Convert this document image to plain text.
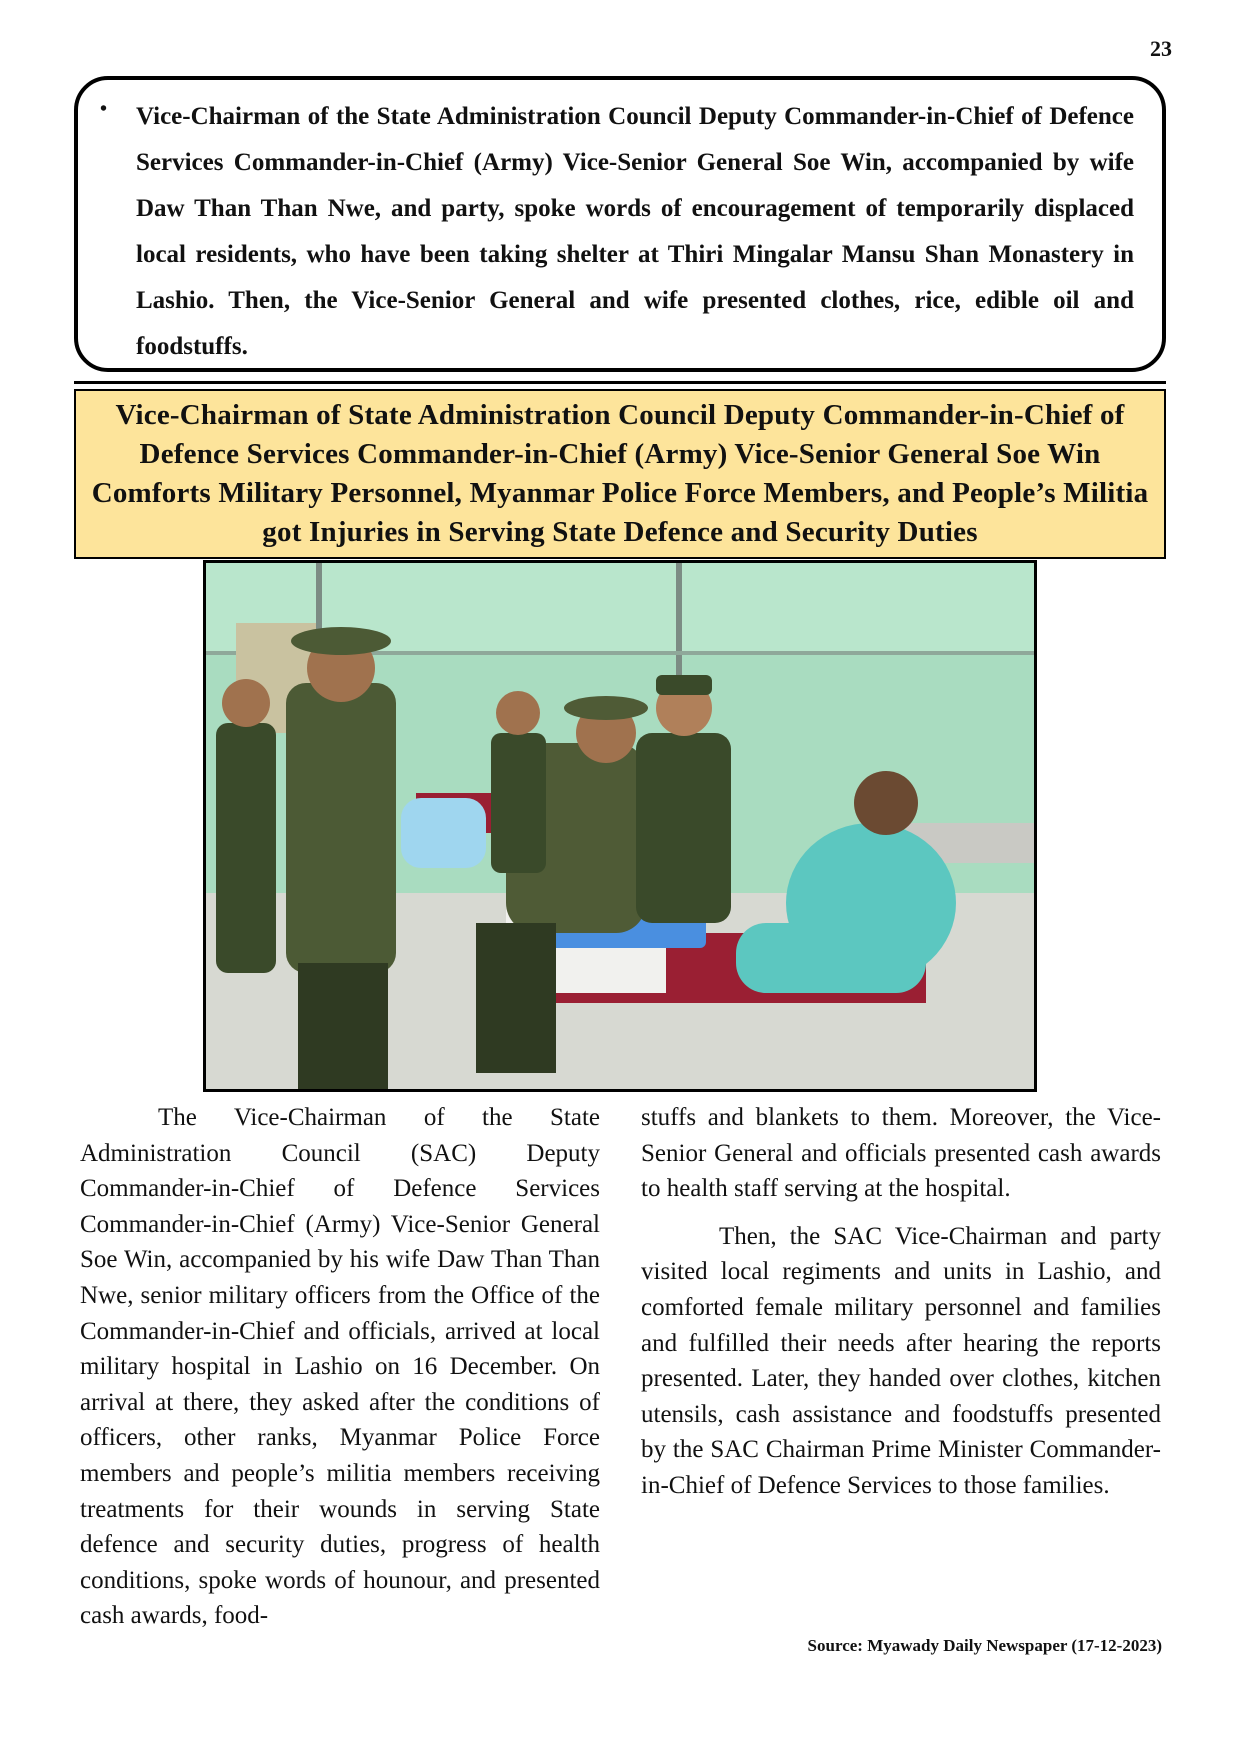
23
• Vice-Chairman of the State Administration Council Deputy Commander-in-Chief of Defence Services Commander-in-Chief (Army) Vice-Senior General Soe Win, accompanied by wife Daw Than Than Nwe, and party, spoke words of encouragement of temporarily displaced local residents, who have been taking shelter at Thiri Mingalar Mansu Shan Monastery in Lashio. Then, the Vice-Senior General and wife presented clothes, rice, edible oil and foodstuffs.

Vice-Chairman of State Administration Council Deputy Commander-in-Chief of Defence Services Commander-in-Chief (Army) Vice-Senior General Soe Win Comforts Military Personnel, Myanmar Police Force Members, and People’s Militia got Injuries in Serving State Defence and Security Duties

The Vice-Chairman of the State Administration Council (SAC) Deputy Commander-in-Chief of Defence Services Commander-in-Chief (Army) Vice-Senior General Soe Win, accompanied by his wife Daw Than Than Nwe, senior military officers from the Office of the Commander-in-Chief and officials, arrived at local military hospital in Lashio on 16 December. On arrival at there, they asked after the conditions of officers, other ranks, Myanmar Police Force members and people’s militia members receiving treatments for their wounds in serving State defence and security duties, progress of health conditions, spoke words of hounour, and presented cash awards, food-

stuffs and blankets to them. Moreover, the Vice-Senior General and officials presented cash awards to health staff serving at the hospital.

Then, the SAC Vice-Chairman and party visited local regiments and units in Lashio, and comforted female military personnel and families and fulfilled their needs after hearing the reports presented. Later, they handed over clothes, kitchen utensils, cash assistance and foodstuffs presented by the SAC Chairman Prime Minister Commander-in-Chief of Defence Services to those families.

Source: Myawady Daily Newspaper (17-12-2023)
